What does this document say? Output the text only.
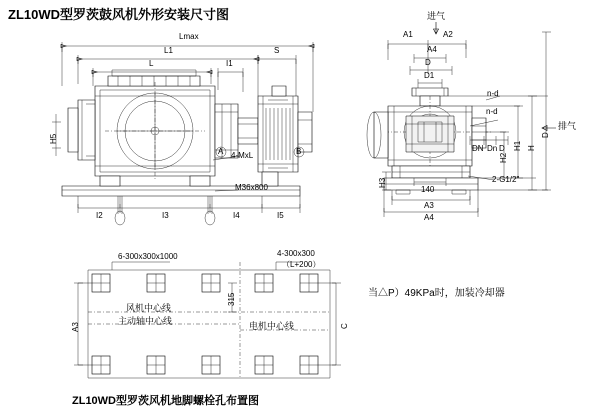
ZL10WD型罗茨鼓风机外形安装尺寸图
ZL10WD型罗茨风机地脚螺栓孔布置图
当△P）49KPa时，加装冷却器
Lmax
L1
L	I1
S
H5
I2	I3	I4	I5
4-MxL
M36x800
A	B
A1	A2
A4
D
D1
n-d
n-d
DN Dn D
D
H
H1
H2
H3	2-G1/2"
140
A3
A4
进气
排气
6-300x300x1000	4-300x300
（L+200）
风机中心线
主动轴中心线	电机中心线
A3	C
315
